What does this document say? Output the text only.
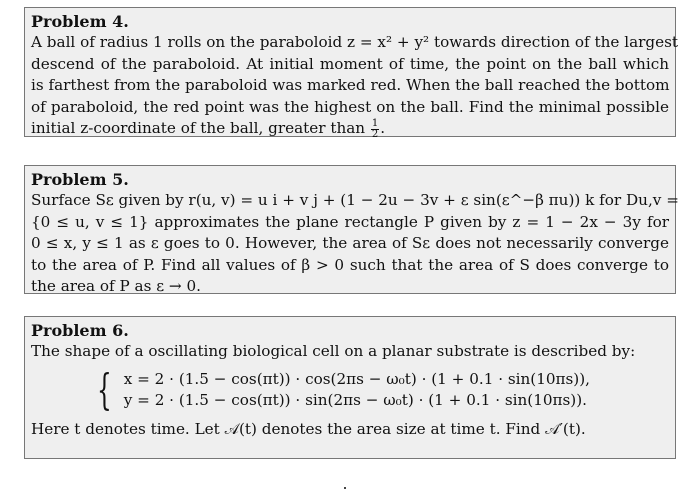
Problem 4.
A ball of radius 1 rolls on the paraboloid z = x² + y² towards direction of the largest
descend of the paraboloid. At initial moment of time, the point on the ball which
is farthest from the paraboloid was marked red. When the ball reached the bottom
of paraboloid, the red point was the highest on the ball. Find the minimal possible
initial z-coordinate of the ball, greater than $\frac{1}{2}$ .
Problem 5.
Surface Sε given by r(u, v) = u i + v j + (1 − 2u − 3v + ε sin(ε^−β πu)) k for Du,v =
{0 ≤ u, v ≤ 1} approximates the plane rectangle P given by z = 1 − 2x − 3y for
0 ≤ x, y ≤ 1 as ε goes to 0. However, the area of Sε does not necessarily converge
to the area of P. Find all values of β > 0 such that the area of S does converge to
the area of P as ε → 0.
Problem 6.
The shape of a oscillating biological cell on a planar substrate is described by:
{ x = 2 · (1.5 − cos(πt)) · cos(2πs − ω₀t) · (1 + 0.1 · sin(10πs)),
y = 2 · (1.5 − cos(πt)) · sin(2πs − ω₀t) · (1 + 0.1 · sin(10πs)).
Here t denotes time. Let 𝒜(t) denotes the area size at time t. Find 𝒜′(t).
